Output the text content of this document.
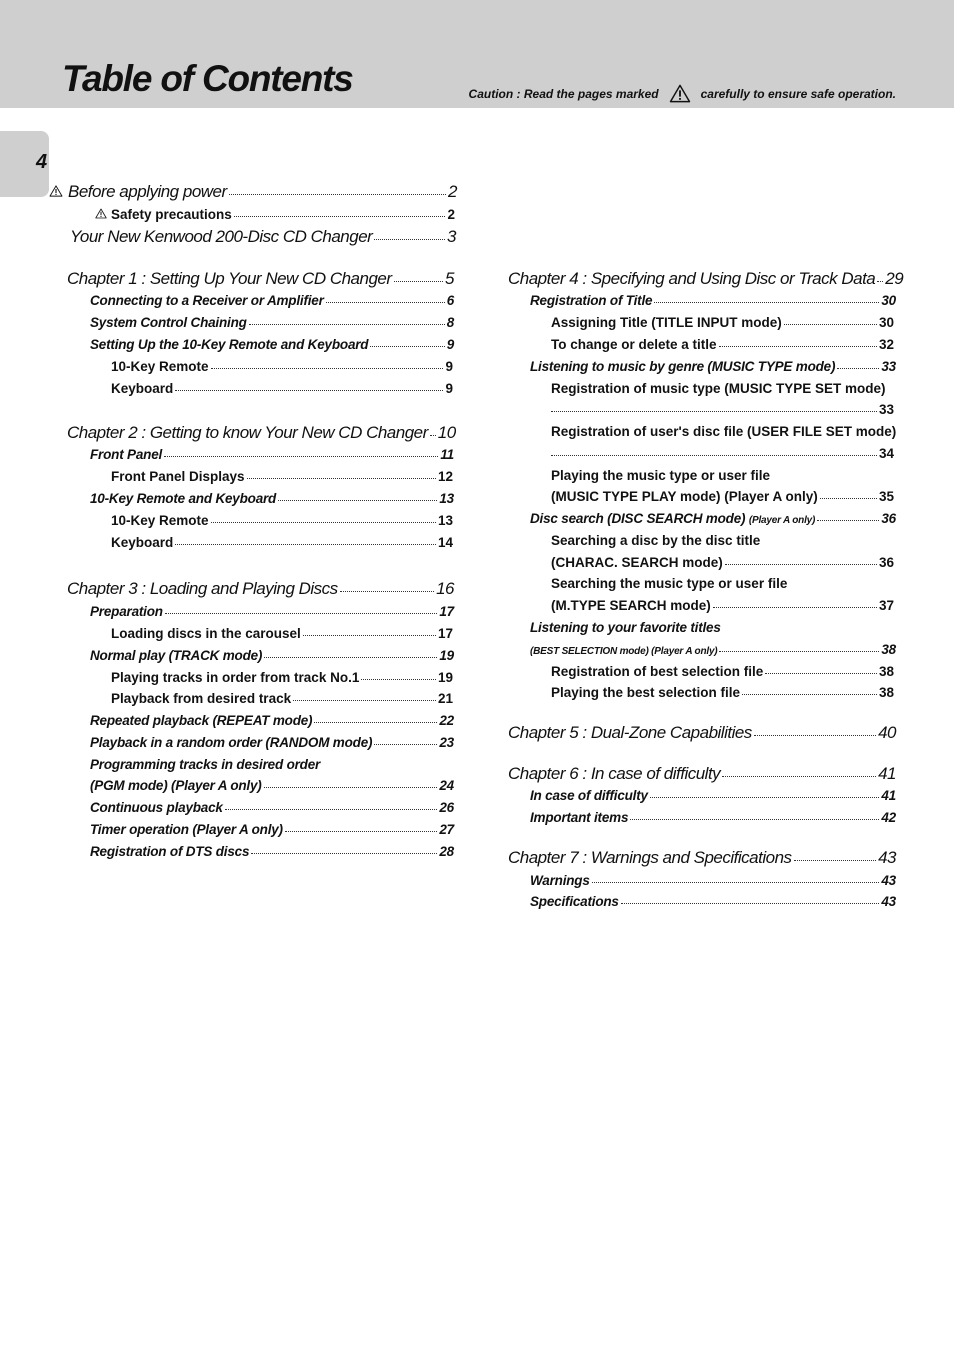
Table of Contents	Caution : Read the pages marked	carefully to ensure safe operation.
4
Before applying power	2
Safety precautions	2
Your New Kenwood 200-Disc CD Changer	3
Chapter 1 : Setting Up Your New CD Changer	5
Connecting to a Receiver or Amplifier	6
System Control Chaining	8
Setting Up the 10-Key Remote and Keyboard	9
10-Key Remote	9
Keyboard	9
Chapter 2 : Getting to know Your New CD Changer 10
Front Panel	11
Front Panel Displays	12
10-Key Remote and Keyboard	13
10-Key Remote	13
Keyboard	14
Chapter 3 : Loading and Playing Discs	16
Preparation	17
Loading discs in the carousel	17
Normal play (TRACK mode)	19
Playing tracks in order from track No.1	19
Playback from desired track	21
Repeated playback (REPEAT mode)	22
Playback in a random order (RANDOM mode)	23
Programming tracks in desired order
(PGM mode) (Player A only)	24
Continuous playback	26
Timer operation (Player A only)	27
Registration of DTS discs	28
Chapter 4 : Specifying and Using Disc or Track Data 29
Registration of Title	30
Assigning Title (TITLE INPUT mode)	30
To change or delete a title	32
Listening to music by genre (MUSIC TYPE mode)	33
Registration of music type (MUSIC TYPE SET mode)
33
Registration of user's disc file (USER FILE SET mode)
34
Playing the music type or user file
(MUSIC TYPE PLAY mode) (Player A only)	35
Disc search (DISC SEARCH mode)
(Player A only)	36
Searching a disc by the disc title
(CHARAC. SEARCH mode)	36
Searching the music type or user file
(M.TYPE SEARCH mode)	37
Listening to your favorite titles
(BEST SELECTION mode) (Player A only)	38
Registration of best selection file	38
Playing the best selection file	38
Chapter 5 : Dual-Zone Capabilities	40
Chapter 6 : In case of difficulty	41
In case of difficulty	41
Important items	42
Chapter 7 : Warnings and Specifications	43
Warnings	43
Specifications	43
